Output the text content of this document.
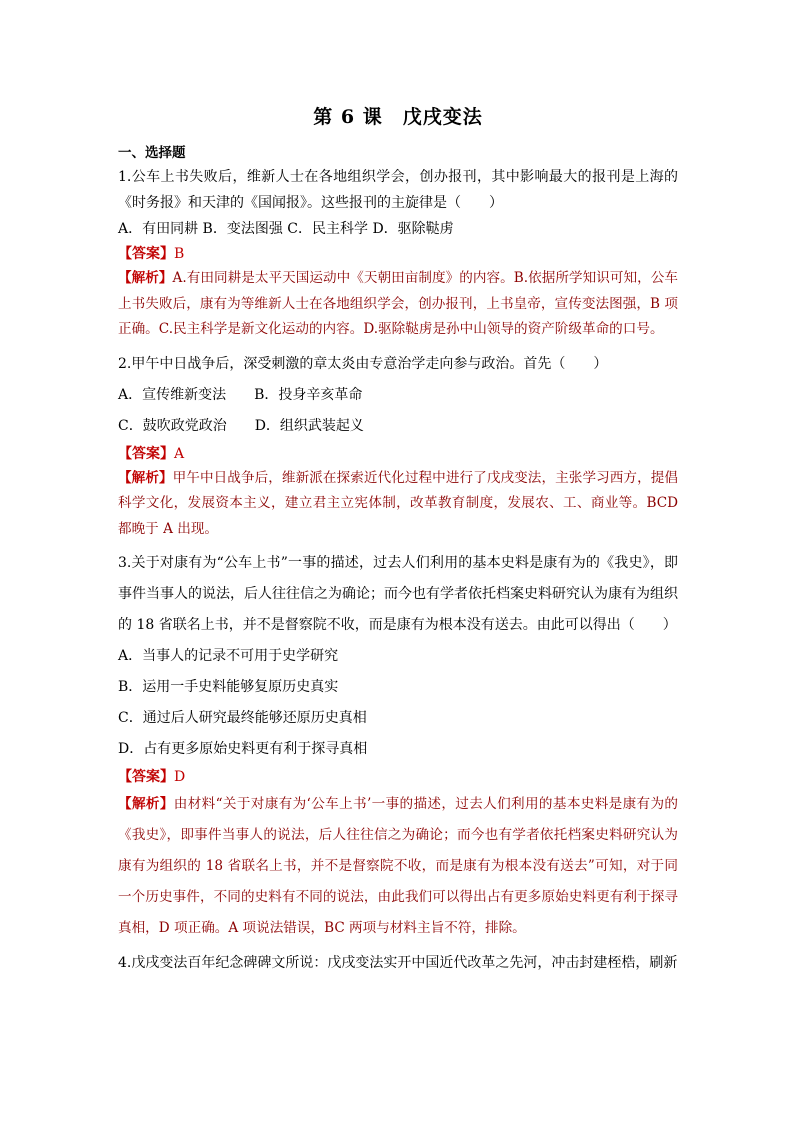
第 6 课　戊戌变法
一、选择题

1.公车上书失败后，维新人士在各地组织学会，创办报刊，其中影响最大的报刊是上海的《时务报》和天津的《国闻报》。这些报刊的主旋律是（　　）

A．有田同耕 B．变法图强 C．民主科学 D．驱除鞑虏

【答案】B

【解析】A.有田同耕是太平天国运动中《天朝田亩制度》的内容。B.依据所学知识可知，公车上书失败后，康有为等维新人士在各地组织学会，创办报刊，上书皇帝，宣传变法图强，B 项正确。C.民主科学是新文化运动的内容。D.驱除鞑虏是孙中山领导的资产阶级革命的口号。

2.甲午中日战争后，深受刺激的章太炎由专意治学走向参与政治。首先（　　）

A．宣传维新变法　　B．投身辛亥革命

C．鼓吹政党政治　　D．组织武装起义

【答案】A

【解析】甲午中日战争后，维新派在探索近代化过程中进行了戊戌变法，主张学习西方，提倡科学文化，发展资本主义，建立君主立宪体制，改革教育制度，发展农、工、商业等。BCD 都晚于 A 出现。

3.关于对康有为“公车上书”一事的描述，过去人们利用的基本史料是康有为的《我史》，即事件当事人的说法，后人往往信之为确论；而今也有学者依托档案史料研究认为康有为组织的 18 省联名上书，并不是督察院不收，而是康有为根本没有送去。由此可以得出（　　）

A．当事人的记录不可用于史学研究

B．运用一手史料能够复原历史真实

C．通过后人研究最终能够还原历史真相

D．占有更多原始史料更有利于探寻真相

【答案】D

【解析】由材料“关于对康有为‘公车上书’一事的描述，过去人们利用的基本史料是康有为的《我史》，即事件当事人的说法，后人往往信之为确论；而今也有学者依托档案史料研究认为康有为组织的 18 省联名上书，并不是督察院不收，而是康有为根本没有送去”可知，对于同一个历史事件，不同的史料有不同的说法，由此我们可以得出占有更多原始史料更有利于探寻真相，D 项正确。A 项说法错误，BC 两项与材料主旨不符，排除。

4.戊戌变法百年纪念碑碑文所说：戊戌变法实开中国近代改革之先河，冲击封建桎梏，刷新
